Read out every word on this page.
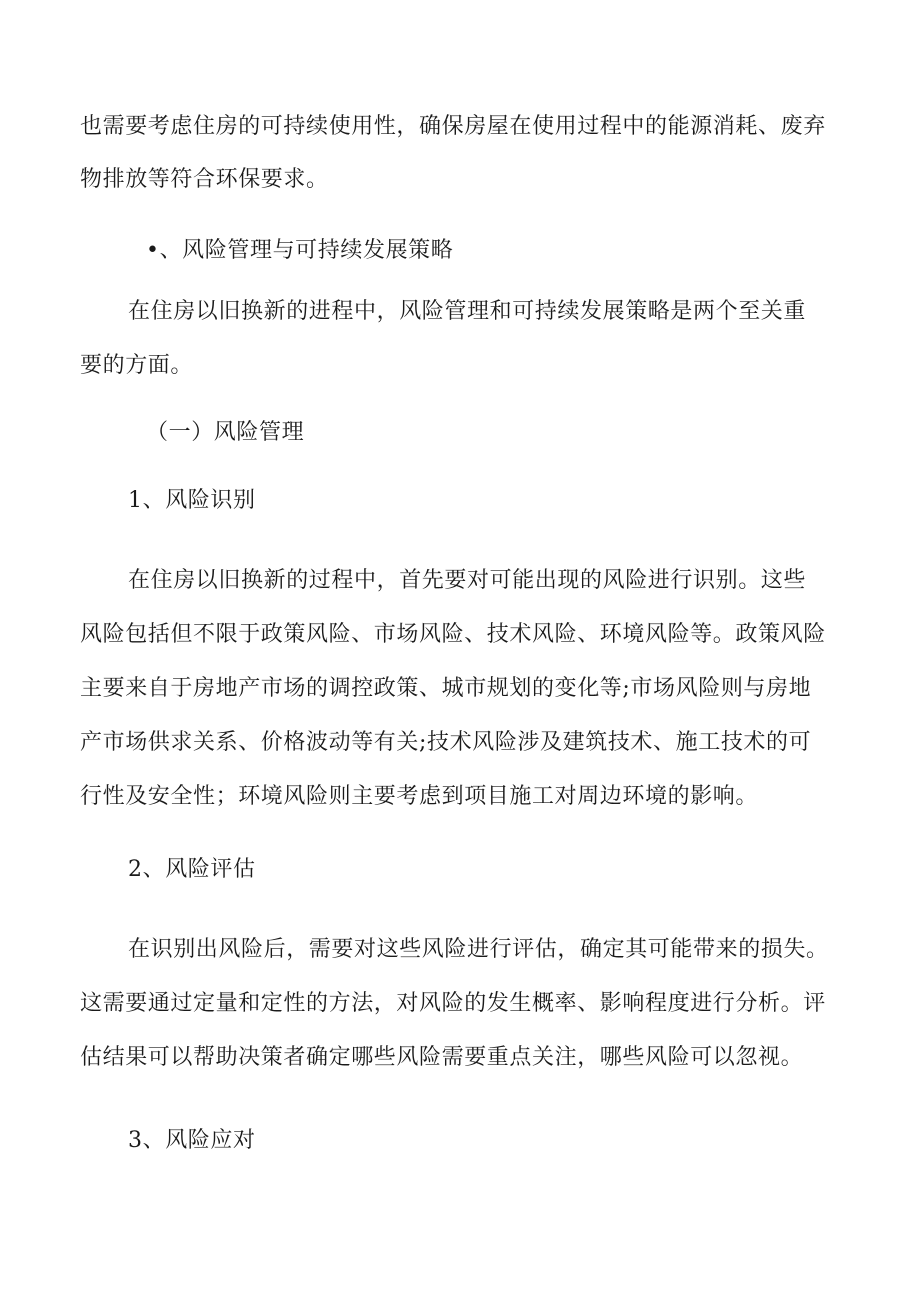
也需要考虑住房的可持续使用性，确保房屋在使用过程中的能源消耗、废弃
物排放等符合环保要求。
•、风险管理与可持续发展策略
在住房以旧换新的进程中，风险管理和可持续发展策略是两个至关重
要的方面。
（一）风险管理
1、风险识别
在住房以旧换新的过程中，首先要对可能出现的风险进行识别。这些
风险包括但不限于政策风险、市场风险、技术风险、环境风险等。政策风险
主要来自于房地产市场的调控政策、城市规划的变化等;市场风险则与房地
产市场供求关系、价格波动等有关;技术风险涉及建筑技术、施工技术的可
行性及安全性；环境风险则主要考虑到项目施工对周边环境的影响。
2、风险评估
在识别出风险后，需要对这些风险进行评估，确定其可能带来的损失。
这需要通过定量和定性的方法，对风险的发生概率、影响程度进行分析。评
估结果可以帮助决策者确定哪些风险需要重点关注，哪些风险可以忽视。
3、风险应对
